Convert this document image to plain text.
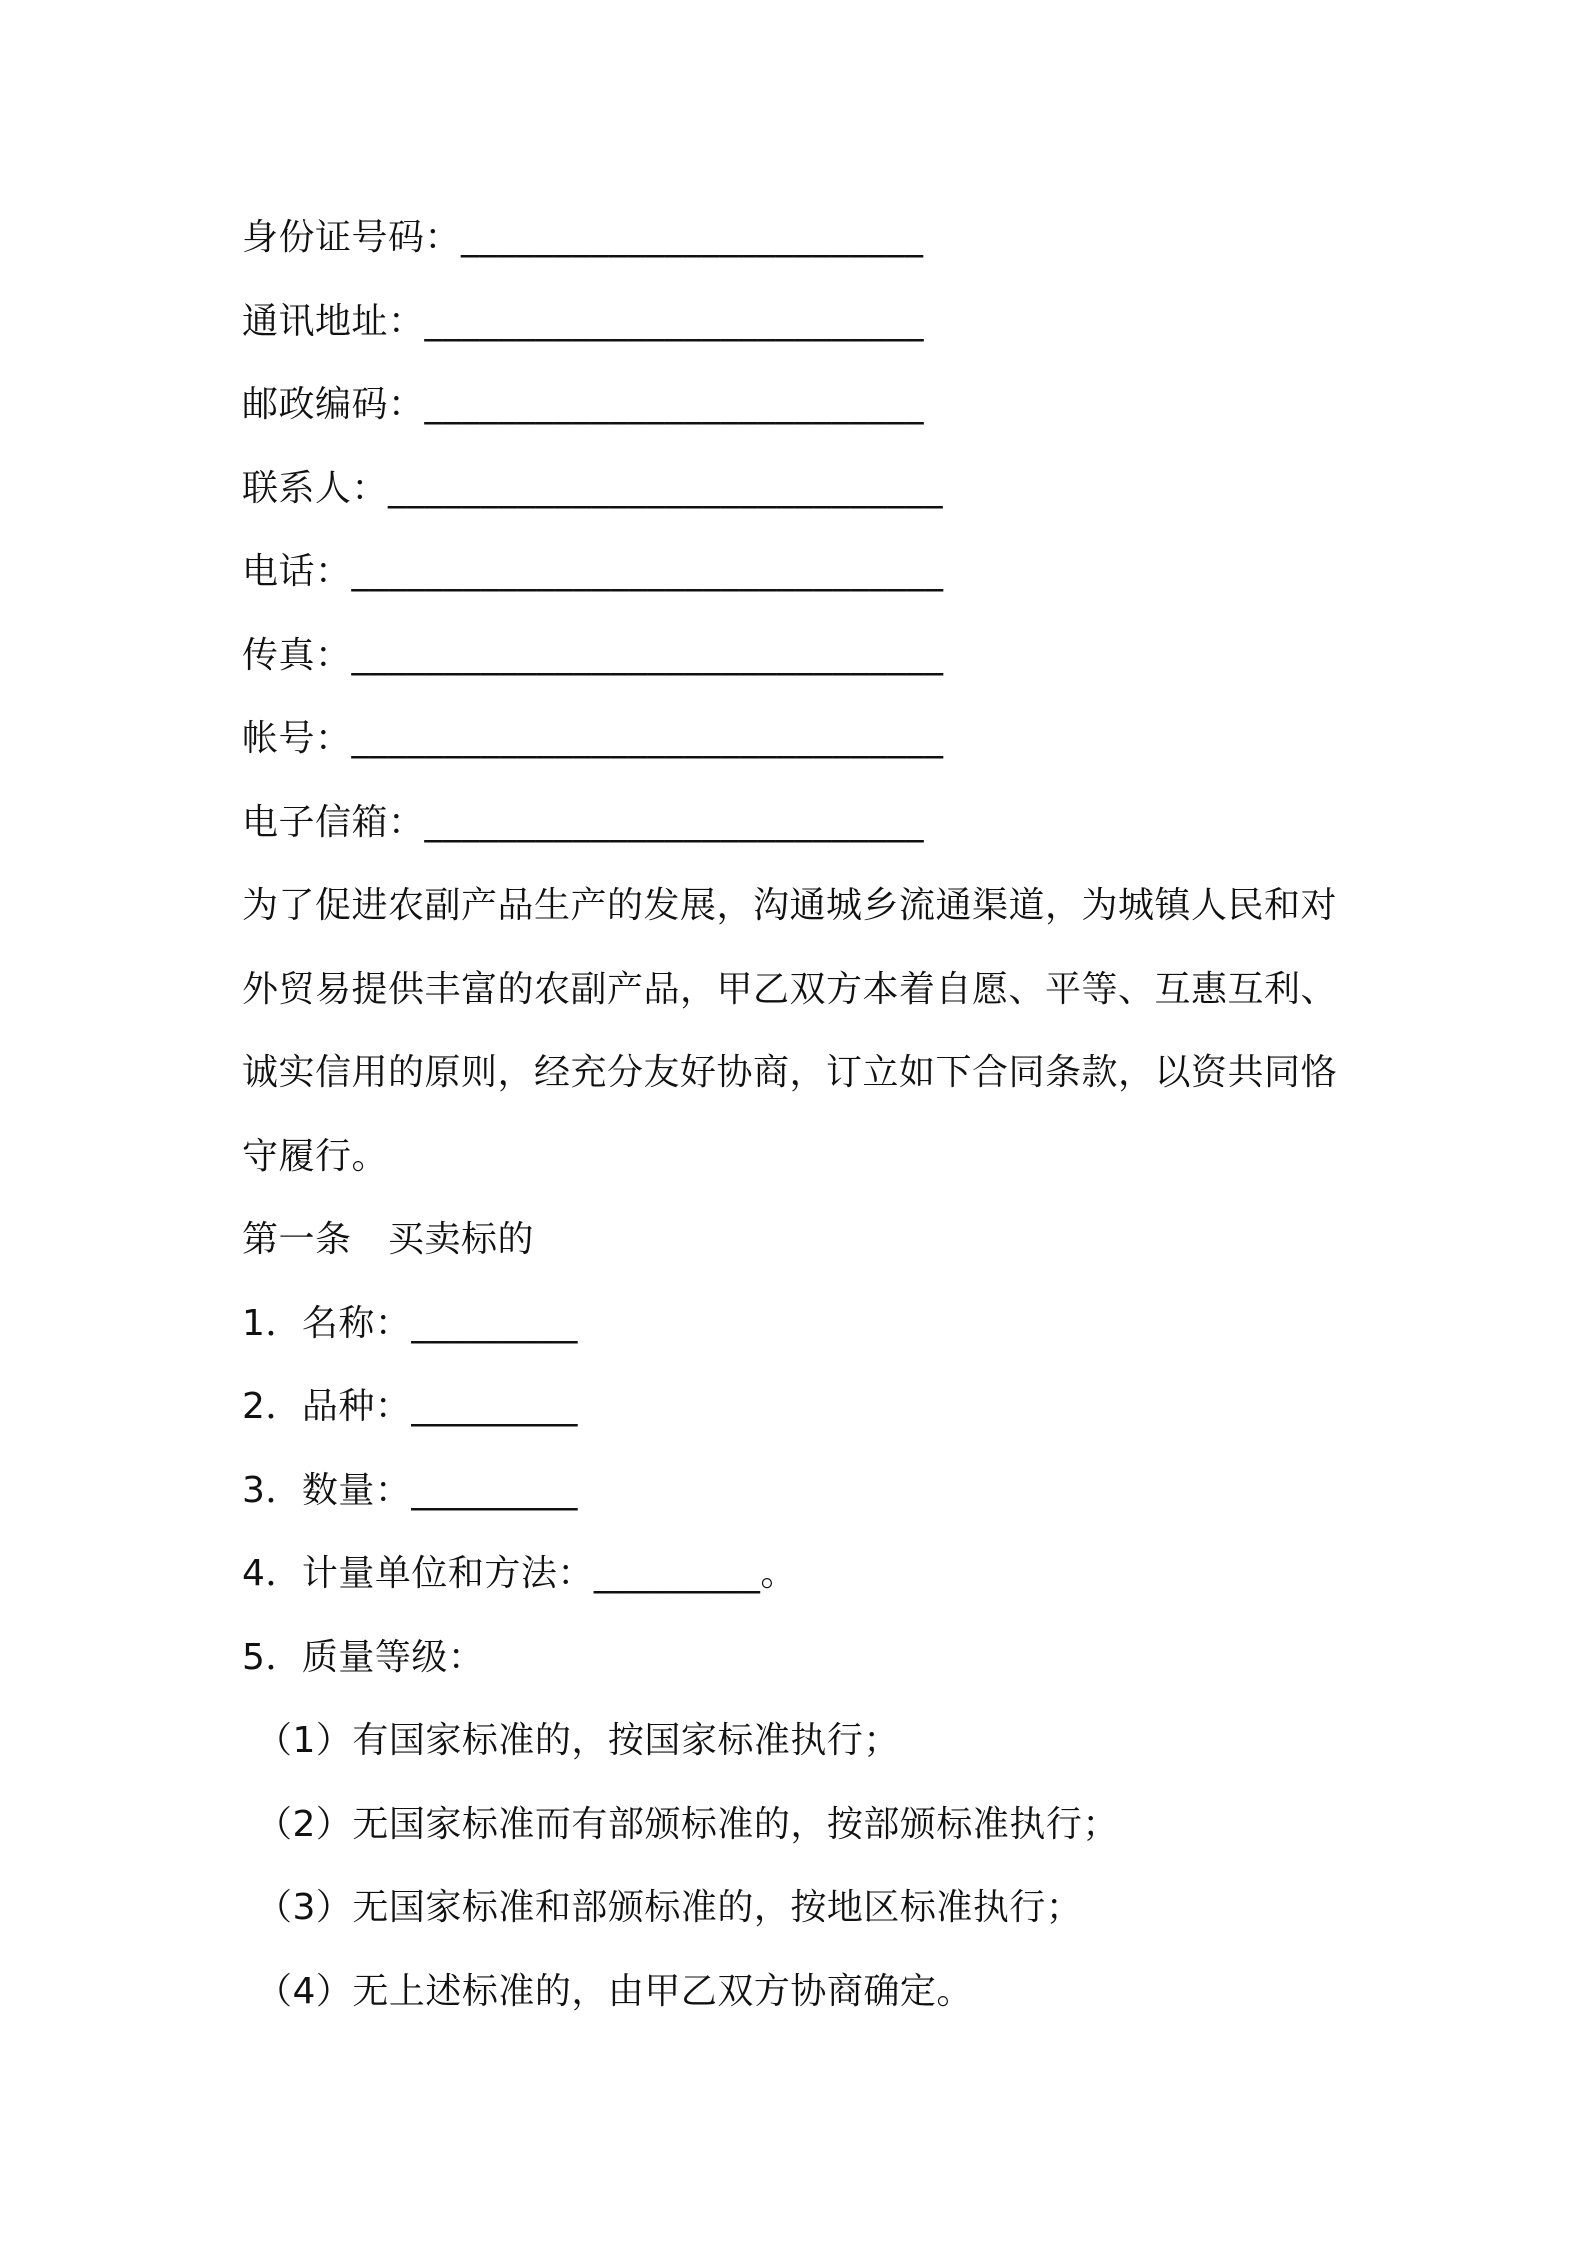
身份证号码：_________________________

通讯地址：___________________________

邮政编码：___________________________

联系人：______________________________

电话：________________________________

传真：________________________________

帐号：________________________________

电子信箱：___________________________

为了促进农副产品生产的发展，沟通城乡流通渠道，为城镇人民和对外贸易提供丰富的农副产品，甲乙双方本着自愿、平等、互惠互利、诚实信用的原则，经充分友好协商，订立如下合同条款，以资共同恪守履行。

第一条　买卖标的

1．名称：_________

2．品种：_________

3．数量：_________

4．计量单位和方法：_________。

5．质量等级：

（1）有国家标准的，按国家标准执行；

（2）无国家标准而有部颁标准的，按部颁标准执行；

（3）无国家标准和部颁标准的，按地区标准执行；

（4）无上述标准的，由甲乙双方协商确定。
